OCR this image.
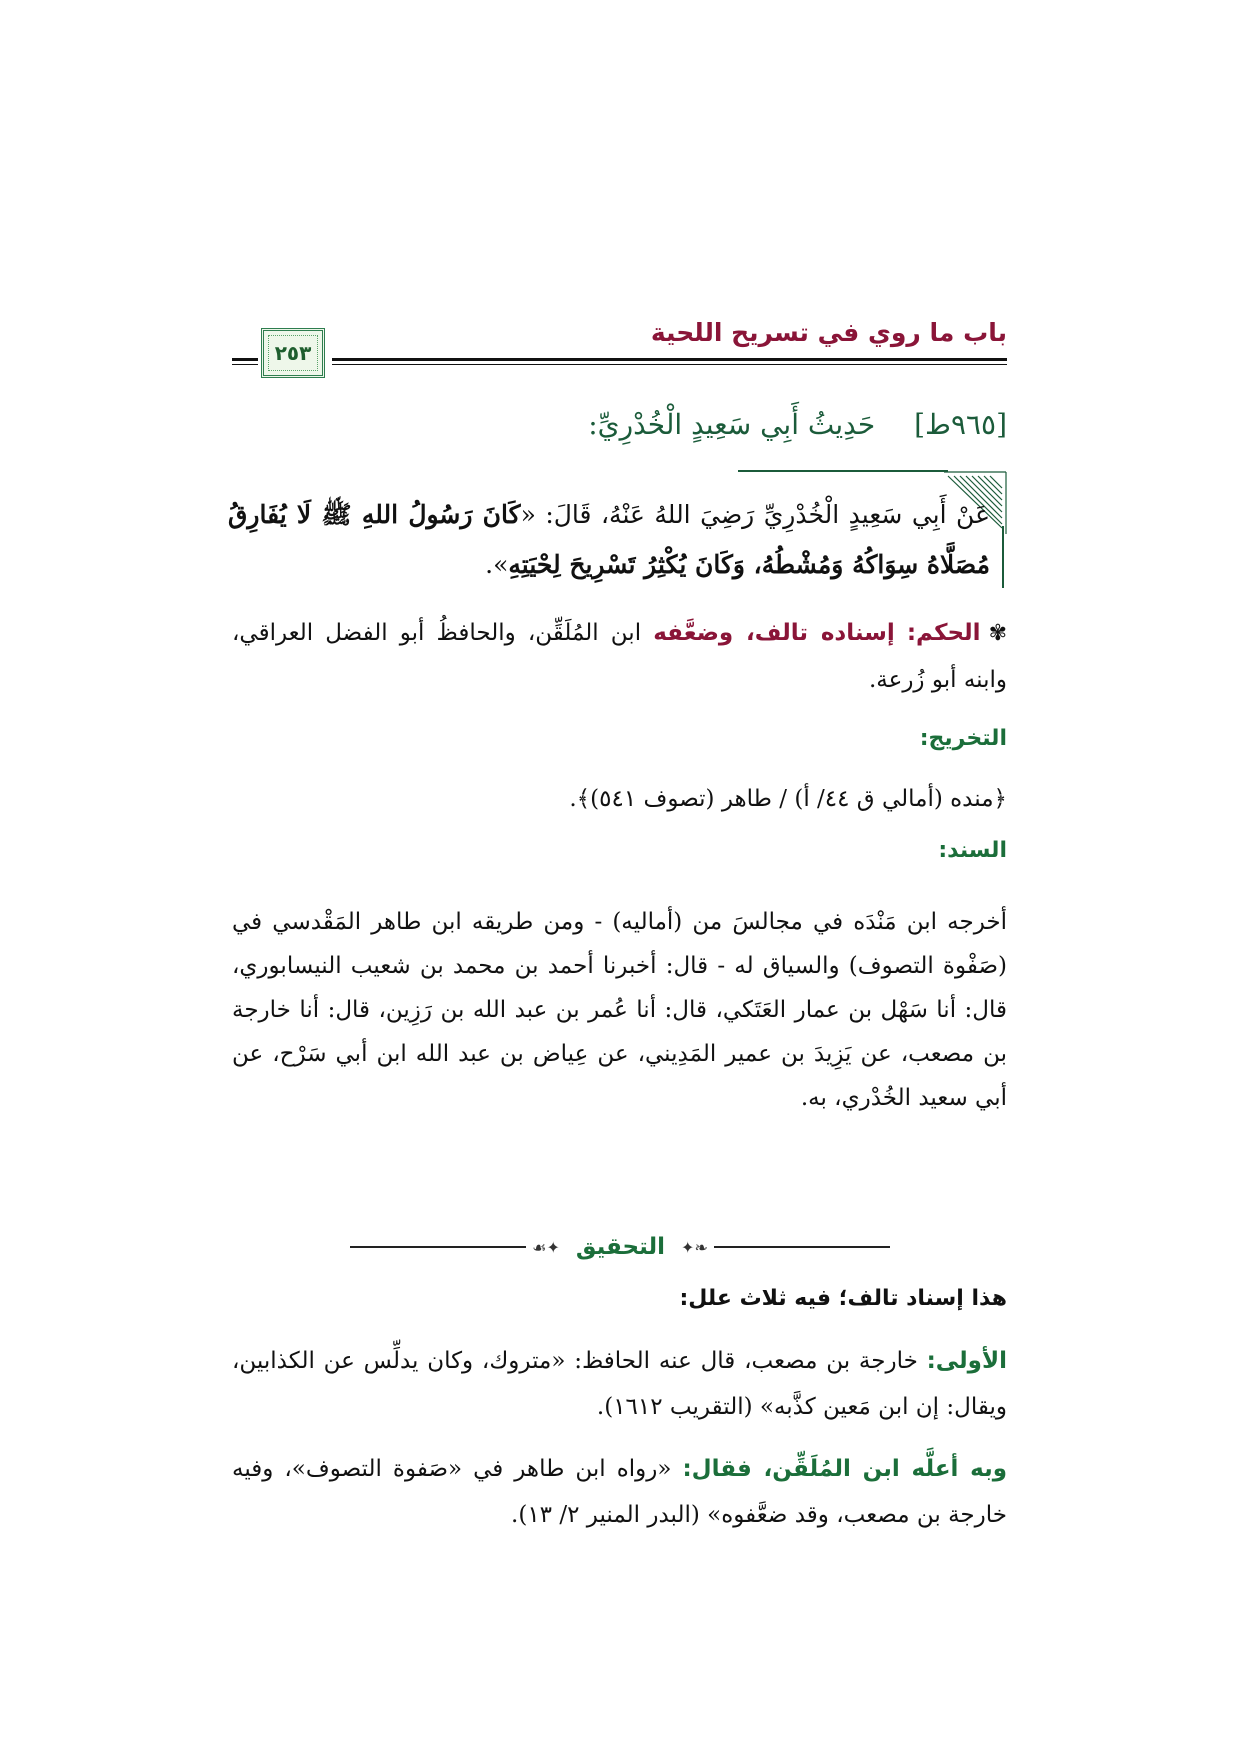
باب ما روي في تسريح اللحية
٢٥٣
[٩٦٥ط] حَدِيثُ أَبِي سَعِيدٍ الْخُدْرِيِّ:
عَنْ أَبِي سَعِيدٍ الْخُدْرِيِّ رَضِيَ اللهُ عَنْهُ، قَالَ: «كَانَ رَسُولُ اللهِ ﷺ لَا يُفَارِقُ مُصَلَّاهُ سِوَاكُهُ وَمُشْطُهُ، وَكَانَ يُكْثِرُ تَسْرِيحَ لِحْيَتِهِ».
✾الحكم: إسناده تالف، وضعَّفه ابن المُلَقِّن، والحافظُ أبو الفضل العراقي، وابنه أبو زُرعة.
التخريج:
﴿منده (أمالي ق ٤٤/ أ) / طاهر (تصوف ٥٤١)﴾.
السند:
أخرجه ابن مَنْدَه في مجالسَ من (أماليه) - ومن طريقه ابن طاهر المَقْدسي في (صَفْوة التصوف) والسياق له - قال: أخبرنا أحمد بن محمد بن شعيب النيسابوري، قال: أنا سَهْل بن عمار العَتَكي، قال: أنا عُمر بن عبد الله بن رَزِين، قال: أنا خارجة بن مصعب، عن يَزِيدَ بن عمير المَدِيني، عن عِياض بن عبد الله ابن أبي سَرْح، عن أبي سعيد الخُدْري، به.
❧✦
التحقيق
✦☙
هذا إسناد تالف؛ فيه ثلاث علل:
الأولى: خارجة بن مصعب، قال عنه الحافظ: «متروك، وكان يدلِّس عن الكذابين، ويقال: إن ابن مَعين كذَّبه» (التقريب ١٦١٢).
وبه أعلَّه ابن المُلَقِّن، فقال: «رواه ابن طاهر في «صَفوة التصوف»، وفيه خارجة بن مصعب، وقد ضعَّفوه» (البدر المنير ٢/ ١٣).
